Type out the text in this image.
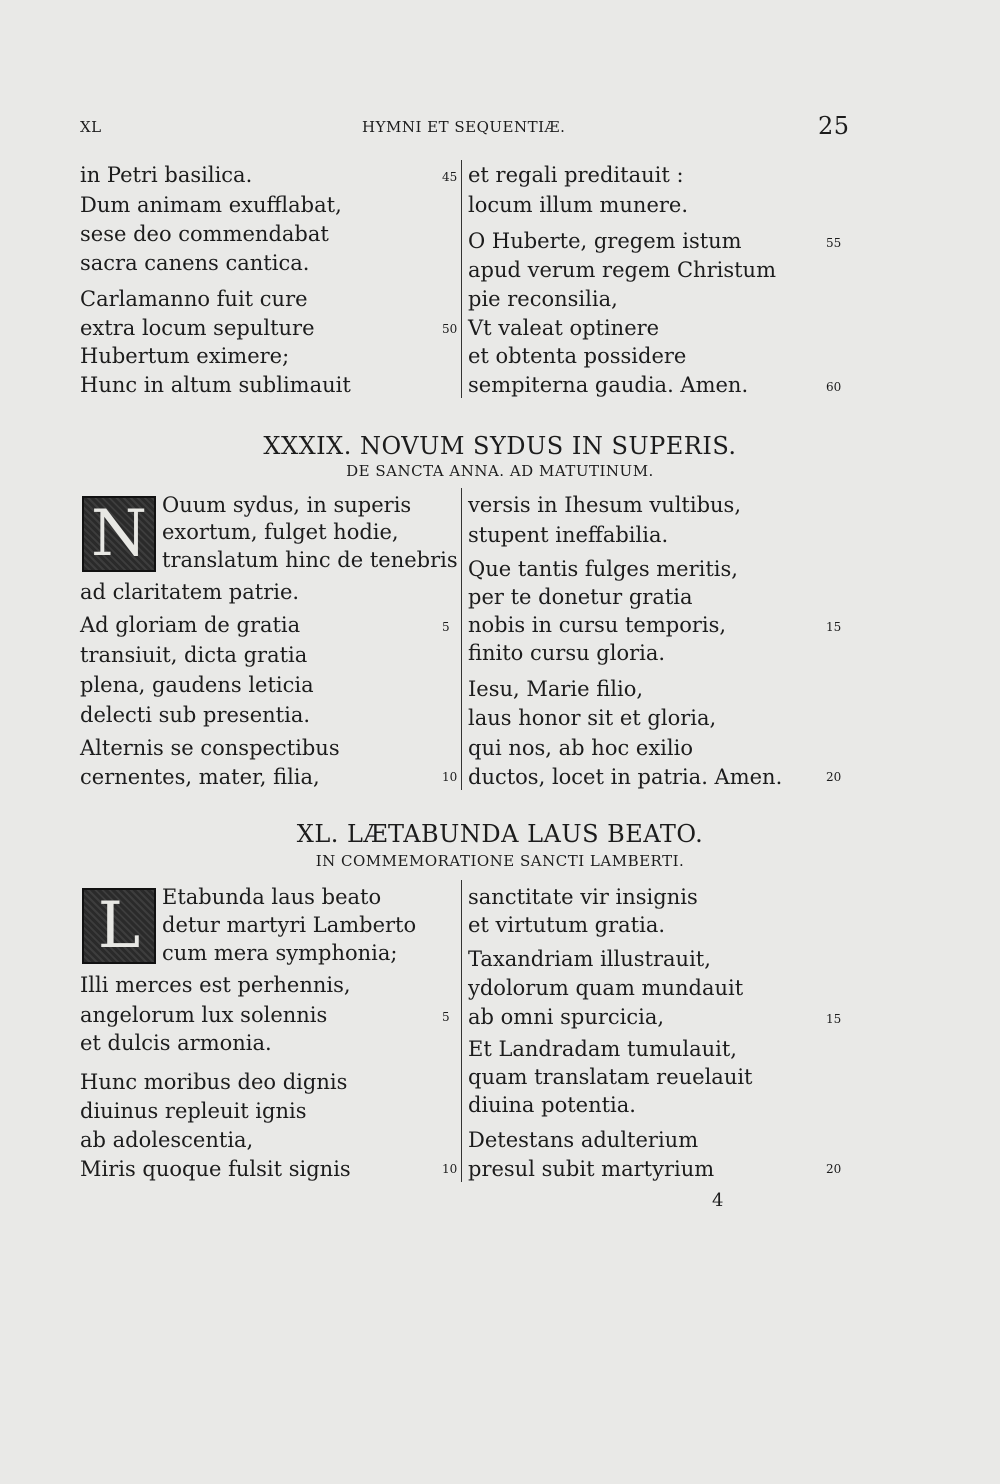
XL	HYMNI ET SEQUENTIÆ.	25
in Petri basilica.
Dum animam exufflabat,
sese deo commendabat
sacra canens cantica.
Carlamanno fuit cure
extra locum sepulture
Hubertum eximere;
Hunc in altum sublimauit
et regali preditauit :
locum illum munere.
O Huberte, gregem istum
apud verum regem Christum
pie reconsilia,
Vt valeat optinere
et obtenta possidere
sempiterna gaudia. Amen.
45
50
55
60
XXXIX. NOVUM SYDUS IN SUPERIS.
DE SANCTA ANNA. AD MATUTINUM.
N Ouum sydus, in superis
exortum, fulget hodie,
translatum hinc de tenebris
ad claritatem patrie.
Ad gloriam de gratia
transiuit, dicta gratia
plena, gaudens leticia
delecti sub presentia.
Alternis se conspectibus
cernentes, mater, filia,
versis in Ihesum vultibus,
stupent ineffabilia.
Que tantis fulges meritis,
per te donetur gratia
nobis in cursu temporis,
finito cursu gloria.
Iesu, Marie filio,
laus honor sit et gloria,
qui nos, ab hoc exilio
ductos, locet in patria. Amen.
5
10
15
20
XL. LÆTABUNDA LAUS BEATO.
IN COMMEMORATIONE SANCTI LAMBERTI.
L	Etabunda laus beato
detur martyri Lamberto
cum mera symphonia;
Illi merces est perhennis,
angelorum lux solennis
et dulcis armonia.
Hunc moribus deo dignis
diuinus repleuit ignis
ab adolescentia,
Miris quoque fulsit signis
sanctitate vir insignis
et virtutum gratia.
Taxandriam illustrauit,
ydolorum quam mundauit
ab omni spurcicia,
Et Landradam tumulauit,
quam translatam reuelauit
diuina potentia.
Detestans adulterium
presul subit martyrium
5
10
15
20
4
